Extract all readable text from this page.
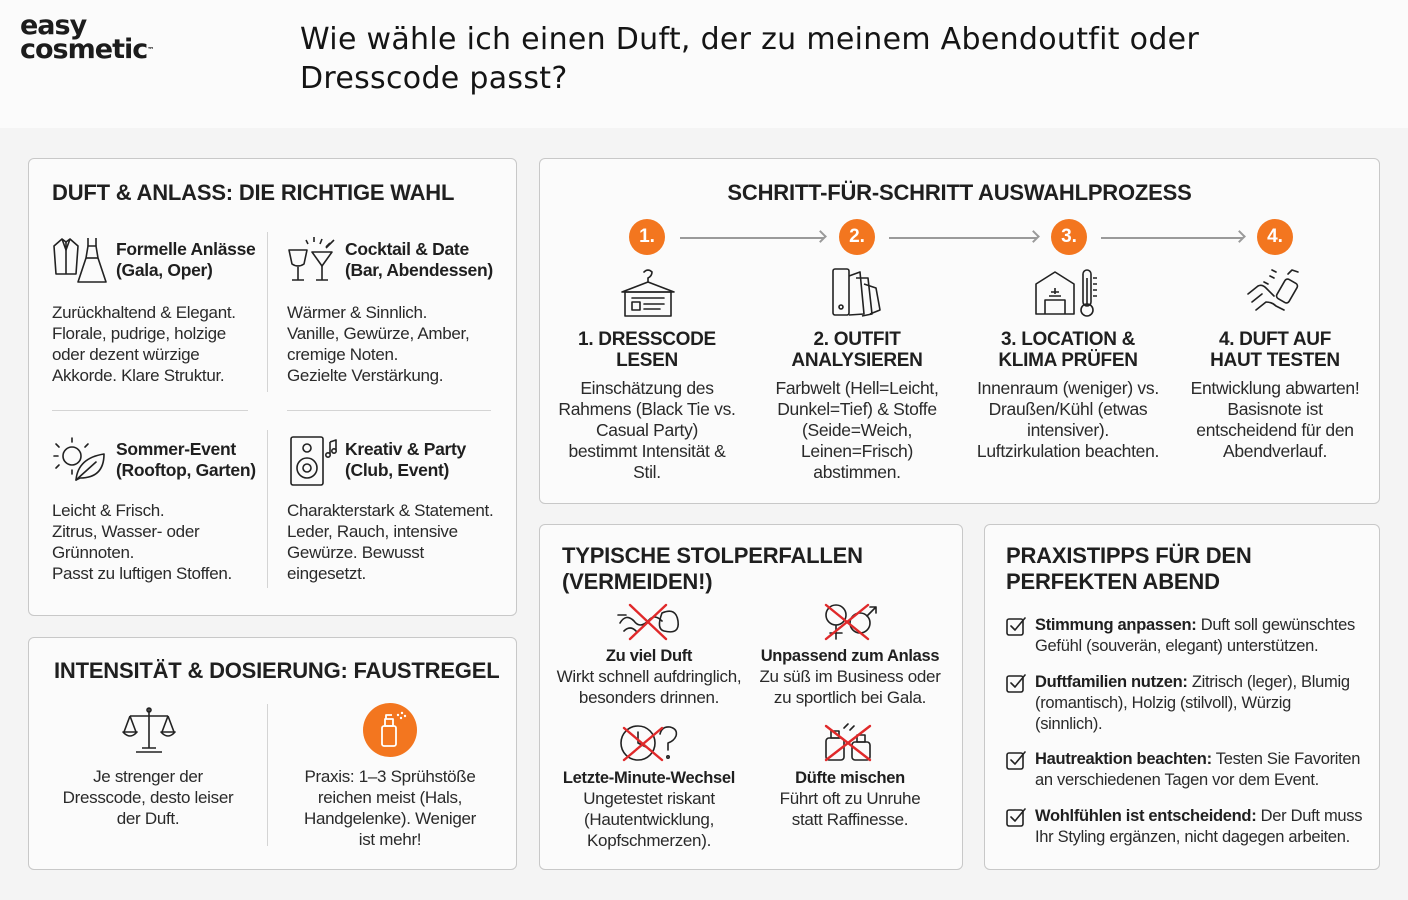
easy
cosmetic™	Wie wähle ich einen Duft, der zu meinem Abendoutfit oder Dresscode passt?
DUFT & ANLASS: DIE RICHTIGE WAHL
Formelle Anlässe
(Gala, Oper)
Zurückhaltend & Elegant.
Florale, pudrige, holzige
oder dezent würzige
Akkorde. Klare Struktur.
Cocktail & Date
(Bar, Abendessen)
Wärmer & Sinnlich.
Vanille, Gewürze, Amber,
cremige Noten.
Gezielte Verstärkung.
Sommer-Event
(Rooftop, Garten)
Leicht & Frisch.
Zitrus, Wasser- oder
Grünnoten.
Passt zu luftigen Stoffen.
Kreativ & Party
(Club, Event)
Charakterstark & Statement.
Leder, Rauch, intensive
Gewürze. Bewusst
eingesetzt.
INTENSITÄT & DOSIERUNG: FAUSTREGEL
Je strenger der
Dresscode, desto leiser
der Duft.
Praxis: 1–3 Sprühstöße
reichen meist (Hals,
Handgelenke). Weniger
ist mehr!
SCHRITT-FÜR-SCHRITT AUSWAHLPROZESS
1.	2.	3.	4.
1. DRESSCODE
LESEN
2. OUTFIT
ANALYSIEREN
3. LOCATION &
KLIMA PRÜFEN
4. DUFT AUF
HAUT TESTEN
Einschätzung des
Rahmens (Black Tie vs.
Casual Party)
bestimmt Intensität &
Stil.
Farbwelt (Hell=Leicht,
Dunkel=Tief) & Stoffe
(Seide=Weich,
Leinen=Frisch)
abstimmen.
Innenraum (weniger) vs.
Draußen/Kühl (etwas
intensiver).
Luftzirkulation beachten.
Entwicklung abwarten!
Basisnote ist
entscheidend für den
Abendverlauf.
TYPISCHE STOLPERFALLEN
(VERMEIDEN!)
Zu viel Duft
Wirkt schnell aufdringlich,
besonders drinnen.
Unpassend zum Anlass
Zu süß im Business oder
zu sportlich bei Gala.
Letzte-Minute-Wechsel
Ungetestet riskant
(Hautentwicklung,
Kopfschmerzen).
Düfte mischen
Führt oft zu Unruhe
statt Raffinesse.
PRAXISTIPPS FÜR DEN
PERFEKTEN ABEND
Stimmung anpassen: Duft soll gewünschtes
Gefühl (souverän, elegant) unterstützen.
Duftfamilien nutzen: Zitrisch (leger), Blumig
(romantisch), Holzig (stilvoll), Würzig
(sinnlich).
Hautreaktion beachten: Testen Sie Favoriten
an verschiedenen Tagen vor dem Event.
Wohlfühlen ist entscheidend: Der Duft muss
Ihr Styling ergänzen, nicht dagegen arbeiten.
